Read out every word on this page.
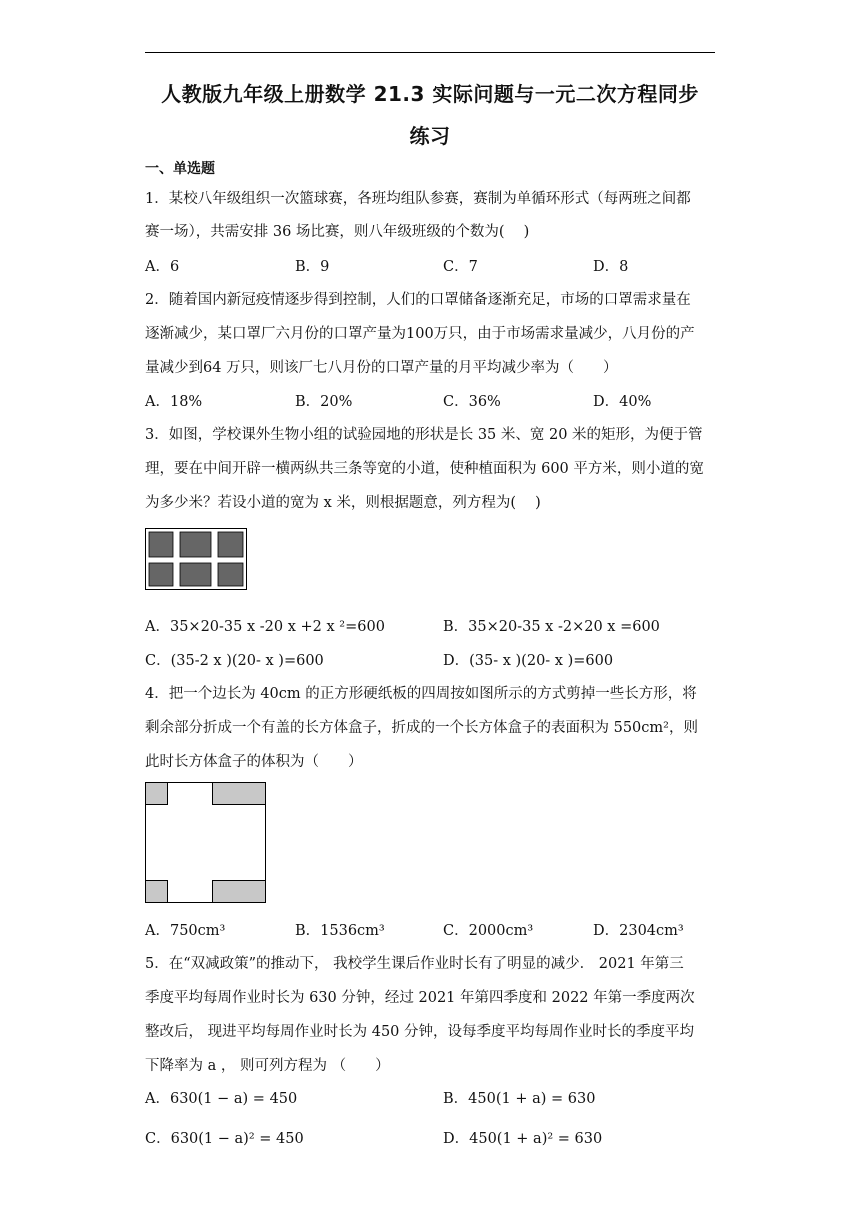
人教版九年级上册数学 21.3 实际问题与一元二次方程同步
练习
一、单选题
1．某校八年级组织一次篮球赛，各班均组队参赛，赛制为单循环形式（每两班之间都
赛一场），共需安排 36 场比赛，则八年级班级的个数为(　 )
A．6	B．9	C．7	D．8
2．随着国内新冠疫情逐步得到控制，人们的口罩储备逐渐充足，市场的口罩需求量在
逐渐减少，某口罩厂六月份的口罩产量为100万只，由于市场需求量减少，八月份的产
量减少到64 万只，则该厂七八月份的口罩产量的月平均减少率为（　　）
A．18%	B．20%	C．36%	D．40%
3．如图，学校课外生物小组的试验园地的形状是长 35 米、宽 20 米的矩形，为便于管
理，要在中间开辟一横两纵共三条等宽的小道，使种植面积为 600 平方米，则小道的宽
为多少米？若设小道的宽为 x 米，则根据题意，列方程为(　 )
A．35×20-35 x -20 x +2 x ²=600	B．35×20-35 x -2×20 x =600
C．(35-2 x )(20- x )=600	D．(35- x )(20- x )=600
4．把一个边长为 40cm 的正方形硬纸板的四周按如图所示的方式剪掉一些长方形，将
剩余部分折成一个有盖的长方体盒子，折成的一个长方体盒子的表面积为 550cm²，则
此时长方体盒子的体积为（　　）
A．750cm³	B．1536cm³	C．2000cm³	D．2304cm³
5．在“双减政策”的推动下， 我校学生课后作业时长有了明显的减少． 2021 年第三
季度平均每周作业时长为 630 分钟，经过 2021 年第四季度和 2022 年第一季度两次
整改后， 现进平均每周作业时长为 450 分钟，设每季度平均每周作业时长的季度平均
下降率为 a ， 则可列方程为 （　　）
A．630(1 − a) = 450	B．450(1 + a) = 630
C．630(1 − a)² = 450	D．450(1 + a)² = 630
